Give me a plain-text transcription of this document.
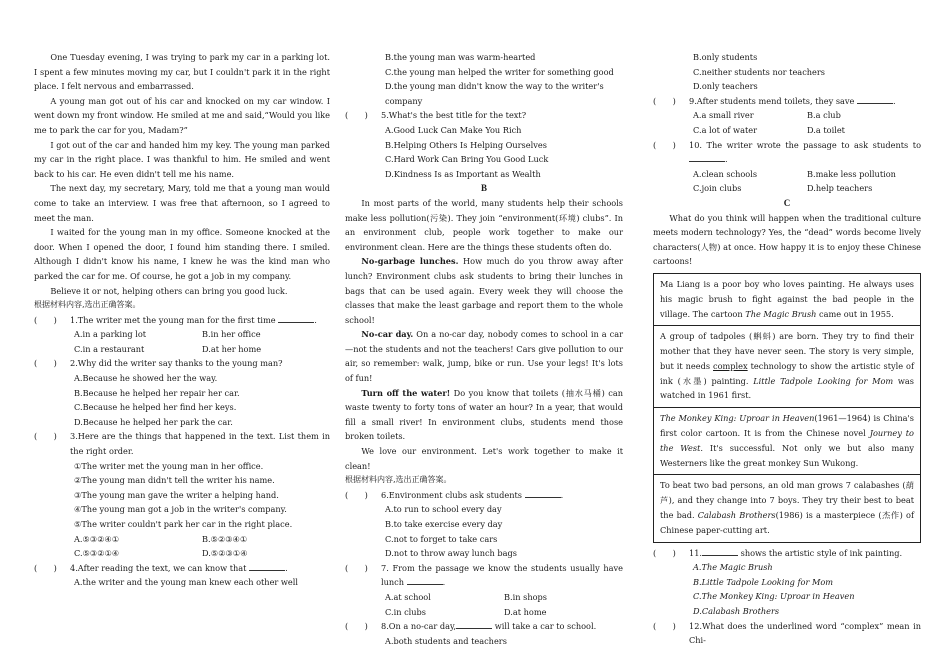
One Tuesday evening, I was trying to park my car in a parking lot. I spent a few minutes moving my car, but I couldn't park it in the right place. I felt nervous and embarrassed.

A young man got out of his car and knocked on my car window. I went down my front window. He smiled at me and said,“Would you like me to park the car for you, Madam?”

I got out of the car and handed him my key. The young man parked my car in the right place. I was thankful to him. He smiled and went back to his car. He even didn't tell me his name.

The next day, my secretary, Mary, told me that a young man would come to take an interview. I was free that afternoon, so I agreed to meet the man.

I waited for the young man in my office. Someone knocked at the door. When I opened the door, I found him standing there. I smiled. Although I didn't know his name, I knew he was the kind man who parked the car for me. Of course, he got a job in my company.

Believe it or not, helping others can bring you good luck.

根据材料内容,选出正确答案。

(　　)	1.The writer met the young man for the first time	.
A.in a parking lot	B.in her office
C.in a restaurant	D.at her home
(　　)	2.Why did the writer say thanks to the young man?

A.Because he showed her the way.

B.Because he helped her repair her car.

C.Because he helped her find her keys.

D.Because he helped her park the car.

(　　)	3.Here are the things that happened in the text. List them in the right order.

①The writer met the young man in her office.

②The young man didn't tell the writer his name.

③The young man gave the writer a helping hand.

④The young man got a job in the writer's company.

⑤The writer couldn't park her car in the right place.

A.⑤③②④①	B.⑤②③④①
C.⑤③②①④	D.⑤②③①④
(　　)	4.After reading the text, we can know that	.

A.the writer and the young man knew each other well

B.the young man was warm-hearted

C.the young man helped the writer for something good

D.the young man didn't know the way to the writer's company

(　　)	5.What's the best title for the text?

A.Good Luck Can Make You Rich

B.Helping Others Is Helping Ourselves

C.Hard Work Can Bring You Good Luck

D.Kindness Is as Important as Wealth

B

In most parts of the world, many students help their schools make less pollution(污染). They join “environment(环境) clubs”. In an environment club, people work together to make our environment clean. Here are the things these students often do.

No-garbage lunches. How much do you throw away after lunch? Environment clubs ask students to bring their lunches in bags that can be used again. Every week they will choose the classes that make the least garbage and report them to the whole school!

No-car day. On a no-car day, nobody comes to school in a car—not the students and not the teachers! Cars give pollution to our air, so remember: walk, jump, bike or run. Use your legs! It's lots of fun!

Turn off the water! Do you know that toilets (抽水马桶) can waste twenty to forty tons of water an hour? In a year, that would fill a small river! In environment clubs, students mend those broken toilets.

We love our environment. Let's work together to make it clean!

根据材料内容,选出正确答案。

(　　)	6.Environment clubs ask students	.

A.to run to school every day

B.to take exercise every day

C.not to forget to take cars

D.not to throw away lunch bags

(　　)	7. From the passage we know the students usually have lunch	.
A.at school	B.in shops
C.in clubs	D.at home
(　　)	8.On a no-car day,	will take a car to school.

A.both students and teachers

B.only students

C.neither students nor teachers

D.only teachers

(　　)	9.After students mend toilets, they save	.
A.a small river	B.a club
C.a lot of water	D.a toilet
(　　)	10. The writer wrote the passage to ask students to .
A.clean schools	B.make less pollution
C.join clubs	D.help teachers

C

What do you think will happen when the traditional culture meets modern technology? Yes, the “dead” words become lively characters(人物) at once. How happy it is to enjoy these Chinese cartoons!

Ma Liang is a poor boy who loves painting. He always uses his magic brush to fight against the bad people in the village. The cartoon The Magic Brush came out in 1955.
A group of tadpoles (蝌蚪) are born. They try to find their mother that they have never seen. The story is very simple, but it needs complex technology to show the artistic style of ink (水墨) painting. Little Tadpole Looking for Mom was watched in 1961 first.
The Monkey King: Uproar in Heaven(1961—1964) is China's first color cartoon. It is from the Chinese novel Journey to the West. It's successful. Not only we but also many Westerners like the great monkey Sun Wukong.
To beat two bad persons, an old man grows 7 calabashes (葫芦), and they change into 7 boys. They try their best to beat the bad. Calabash Brothers(1986) is a masterpiece (杰作) of Chinese paper-cutting art.
(　　)	11.	shows the artistic style of ink painting.

A.The Magic Brush

B.Little Tadpole Looking for Mom

C.The Monkey King: Uproar in Heaven

D.Calabash Brothers

(　　)	12.What does the underlined word “complex” mean in Chi-
